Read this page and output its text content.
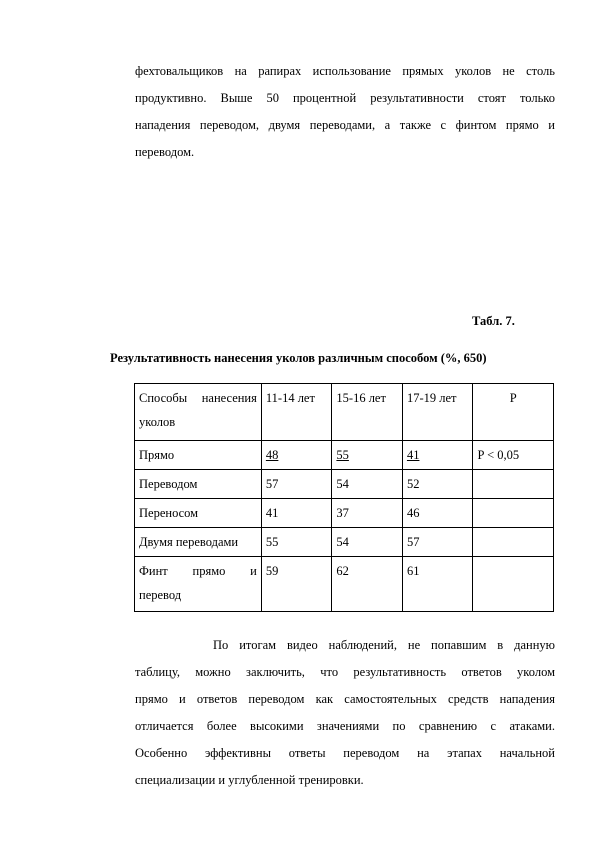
фехтовальщиков на рапирах использование прямых уколов не столь
продуктивно. Выше 50 процентной результативности стоят только
нападения переводом, двумя переводами, а также с финтом прямо и
переводом.

Табл. 7.

Результативность нанесения уколов различным способом (%, 650)

Способы нанесения
уколов	11-14 лет	15-16 лет	17-19 лет	P
Прямо	48	55	41	P < 0,05
Переводом	57	54	52	
Переносом	41	37	46	
Двумя переводами	55	54	57	

Финт прямо и
перевод	59	62	61	
По итогам видео наблюдений, не попавшим в данную
таблицу, можно заключить, что результативность ответов уколом
прямо и ответов переводом как самостоятельных средств нападения
отличается более высокими значениями по сравнению с атаками.
Особенно эффективны ответы переводом на этапах начальной
специализации и углубленной тренировки.
